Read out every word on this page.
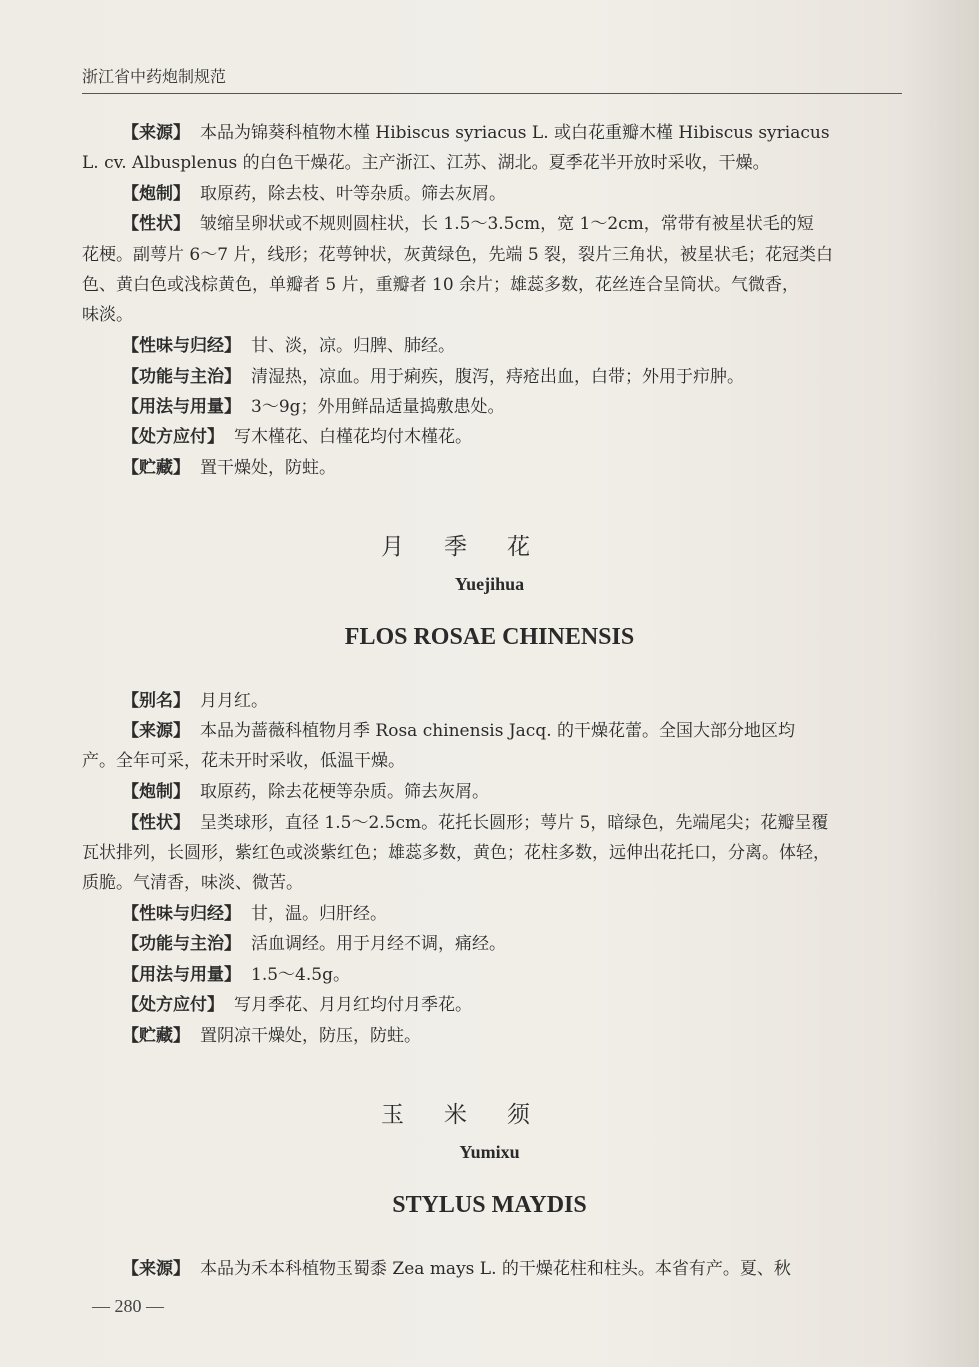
浙江省中药炮制规范
【来源】 本品为锦葵科植物木槿 Hibiscus syriacus L. 或白花重瓣木槿 Hibiscus syriacus
L. cv. Albusplenus 的白色干燥花。主产浙江、江苏、湖北。夏季花半开放时采收，干燥。
【炮制】 取原药，除去枝、叶等杂质。筛去灰屑。
【性状】 皱缩呈卵状或不规则圆柱状，长 1.5～3.5cm，宽 1～2cm，常带有被星状毛的短
花梗。副萼片 6～7 片，线形；花萼钟状，灰黄绿色，先端 5 裂，裂片三角状，被星状毛；花冠类白
色、黄白色或浅棕黄色，单瓣者 5 片，重瓣者 10 余片；雄蕊多数，花丝连合呈筒状。气微香，
味淡。
【性味与归经】 甘、淡，凉。归脾、肺经。
【功能与主治】 清湿热，凉血。用于痢疾，腹泻，痔疮出血，白带；外用于疖肿。
【用法与用量】 3～9g；外用鲜品适量捣敷患处。
【处方应付】 写木槿花、白槿花均付木槿花。
【贮藏】 置干燥处，防蛀。
月季花
Yuejihua
FLOS ROSAE CHINENSIS
【别名】 月月红。
【来源】 本品为蔷薇科植物月季 Rosa chinensis Jacq. 的干燥花蕾。全国大部分地区均
产。全年可采，花未开时采收，低温干燥。
【炮制】 取原药，除去花梗等杂质。筛去灰屑。
【性状】 呈类球形，直径 1.5～2.5cm。花托长圆形；萼片 5，暗绿色，先端尾尖；花瓣呈覆
瓦状排列，长圆形，紫红色或淡紫红色；雄蕊多数，黄色；花柱多数，远伸出花托口，分离。体轻，
质脆。气清香，味淡、微苦。
【性味与归经】 甘，温。归肝经。
【功能与主治】 活血调经。用于月经不调，痛经。
【用法与用量】 1.5～4.5g。
【处方应付】 写月季花、月月红均付月季花。
【贮藏】 置阴凉干燥处，防压，防蛀。
玉米须
Yumixu
STYLUS MAYDIS
【来源】 本品为禾本科植物玉蜀黍 Zea mays L. 的干燥花柱和柱头。本省有产。夏、秋
— 280 —
